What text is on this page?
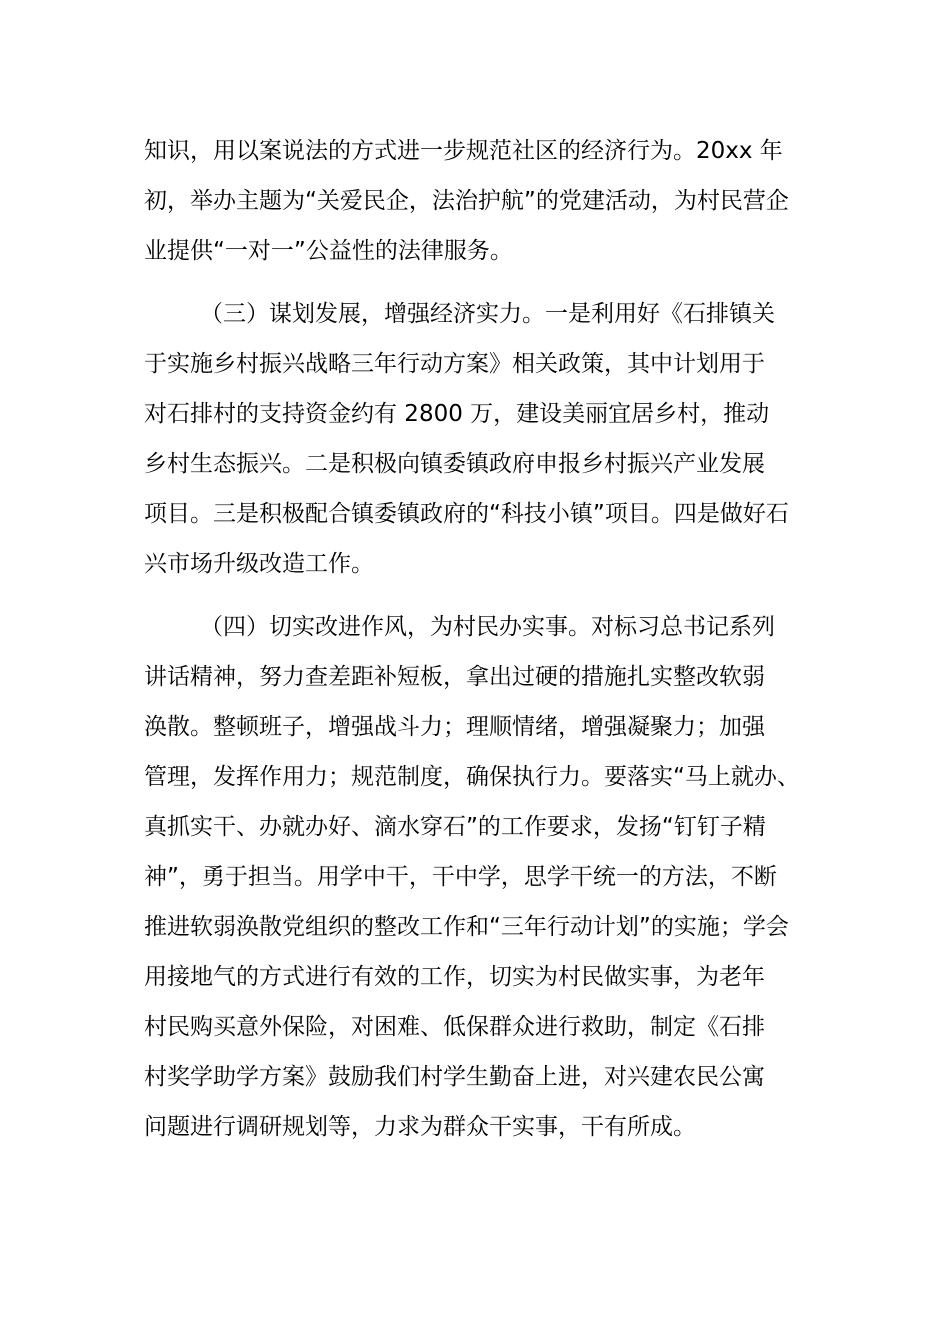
知识，用以案说法的方式进一步规范社区的经济行为。20xx 年
初，举办主题为“关爱民企，法治护航”的党建活动，为村民营企
业提供“一对一”公益性的法律服务。
（三）谋划发展，增强经济实力。一是利用好《石排镇关
于实施乡村振兴战略三年行动方案》相关政策，其中计划用于
对石排村的支持资金约有 2800 万，建设美丽宜居乡村，推动
乡村生态振兴。二是积极向镇委镇政府申报乡村振兴产业发展
项目。三是积极配合镇委镇政府的“科技小镇”项目。四是做好石
兴市场升级改造工作。
（四）切实改进作风，为村民办实事。对标习总书记系列
讲话精神，努力查差距补短板，拿出过硬的措施扎实整改软弱
涣散。整顿班子，增强战斗力；理顺情绪，增强凝聚力；加强
管理，发挥作用力；规范制度，确保执行力。要落实“马上就办、
真抓实干、办就办好、滴水穿石”的工作要求，发扬“钉钉子精
神”，勇于担当。用学中干，干中学，思学干统一的方法，不断
推进软弱涣散党组织的整改工作和“三年行动计划”的实施；学会
用接地气的方式进行有效的工作，切实为村民做实事，为老年
村民购买意外保险，对困难、低保群众进行救助，制定《石排
村奖学助学方案》鼓励我们村学生勤奋上进，对兴建农民公寓
问题进行调研规划等，力求为群众干实事，干有所成。
